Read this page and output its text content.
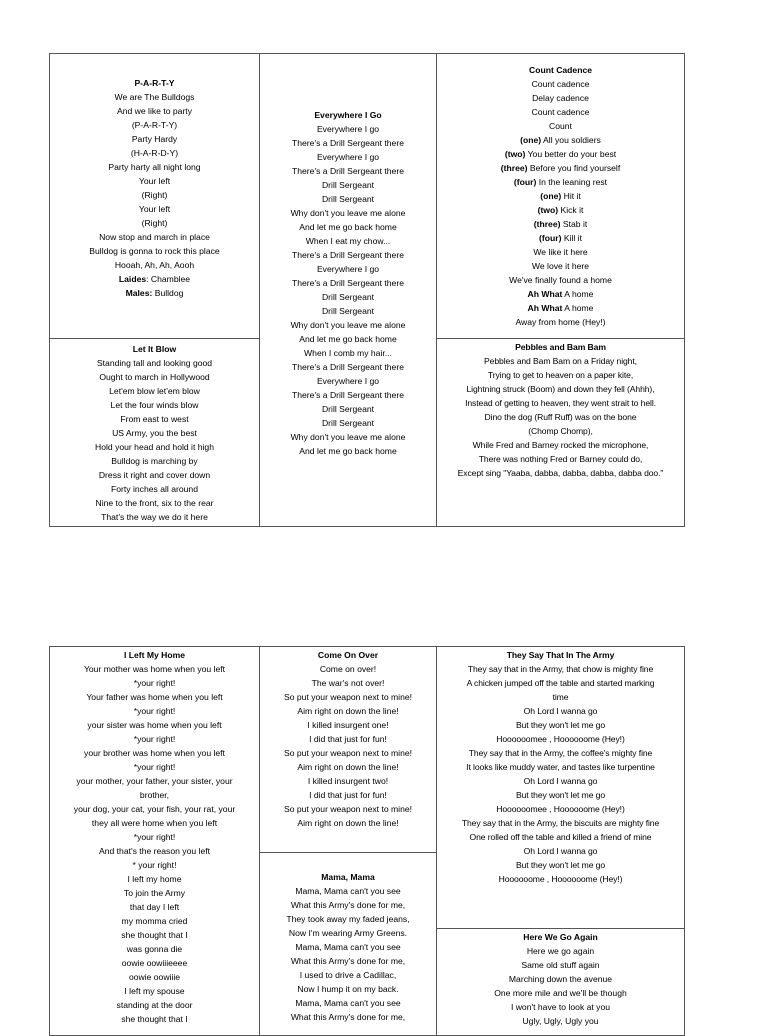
P-A-R-T-Y
We are The Bulldogs
And we like to party
(P-A-R-T-Y)
Party Hardy
(H-A-R-D-Y)
Party harty all night long
Your left
(Right)
Your left
(Right)
Now stop and march in place
Bulldog is gonna to rock this place
Hooah, Ah, Ah, Aooh
Laides: Chamblee
Males: Bulldog
Everywhere I Go
Everywhere I go
There's a Drill Sergeant there
Everywhere I go
There's a Drill Sergeant there
Drill Sergeant
Drill Sergeant
Why don't you leave me alone
And let me go back home
When I eat my chow...
There's a Drill Sergeant there
Everywhere I go
There's a Drill Sergeant there
Drill Sergeant
Drill Sergeant
Why don't you leave me alone
And let me go back home
When I comb my hair...
There's a Drill Sergeant there
Everywhere I go
There's a Drill Sergeant there
Drill Sergeant
Drill Sergeant
Why don't you leave me alone
And let me go back home
Count Cadence
Count cadence
Delay cadence
Count cadence
Count
(one) All you soldiers
(two) You better do your best
(three) Before you find yourself
(four) In the leaning rest
(one) Hit it
(two) Kick it
(three) Stab it
(four) Kill it
We like it here
We love it here
We've finally found a home
Ah What A home
Ah What A home
Away from home (Hey!)
Let It Blow
Standing tall and looking good
Ought to march in Hollywood
Let'em blow let'em blow
Let the four winds blow
From east to west
US Army, you the best
Hold your head and hold it high
Bulldog is marching by
Dress it right and cover down
Forty inches all around
Nine to the front, six to the rear
That's the way we do it here
Pebbles and Bam Bam
Pebbles and Bam Bam on a Friday night,
Trying to get to heaven on a paper kite,
Lightning struck (Boom) and down they fell (Ahhh),
Instead of getting to heaven, they went strait to hell.
Dino the dog (Ruff Ruff) was on the bone
(Chomp Chomp),
While Fred and Barney rocked the microphone,
There was nothing Fred or Barney could do,
Except sing "Yaaba, dabba, dabba, dabba, dabba doo."
I Left My Home
Your mother was home when you left
*your right!
Your father was home when you left
*your right!
your sister was home when you left
*your right!
your brother was home when you left
*your right!
your mother, your father, your sister, your
brother,
your dog, your cat, your fish, your rat, your
they all were home when you left
*your right!
And that's the reason you left
* your right!
I left my home
To join the Army
that day I left
my momma cried
she thought that I
was gonna die
oowie oowiiieeee
oowie oowiiie
I left my spouse
standing at the door
she thought that I
Come On Over
Come on over!
The war's not over!
So put your weapon next to mine!
Aim right on down the line!
I killed insurgent one!
I did that just for fun!
So put your weapon next to mine!
Aim right on down the line!
I killed insurgent two!
I did that just for fun!
So put your weapon next to mine!
Aim right on down the line!
Mama, Mama
Mama, Mama can't you see
What this Army's done for me,
They took away my faded jeans,
Now I'm wearing Army Greens.
Mama, Mama can't you see
What this Army's done for me,
I used to drive a Cadillac,
Now I hump it on my back.
Mama, Mama can't you see
What this Army's done for me,
They Say That In The Army
They say that in the Army, that chow is mighty fine
A chicken jumped off the table and started marking
time
Oh Lord I wanna go
But they won't let me go
Hoooooomee , Hoooooome (Hey!)
They say that in the Army, the coffee's mighty fine
It looks like muddy water, and tastes like turpentine
Oh Lord I wanna go
But they won't let me go
Hoooooomee , Hoooooome (Hey!)
They say that in the Army, the biscuits are mighty fine
One rolled off the table and killed a friend of mine
Oh Lord I wanna go
But they won't let me go
Hoooooome , Hoooooome (Hey!)
Here We Go Again
Here we go again
Same old stuff again
Marching down the avenue
One more mile and we'll be though
I won't have to look at you
Ugly, Ugly, Ugly you
